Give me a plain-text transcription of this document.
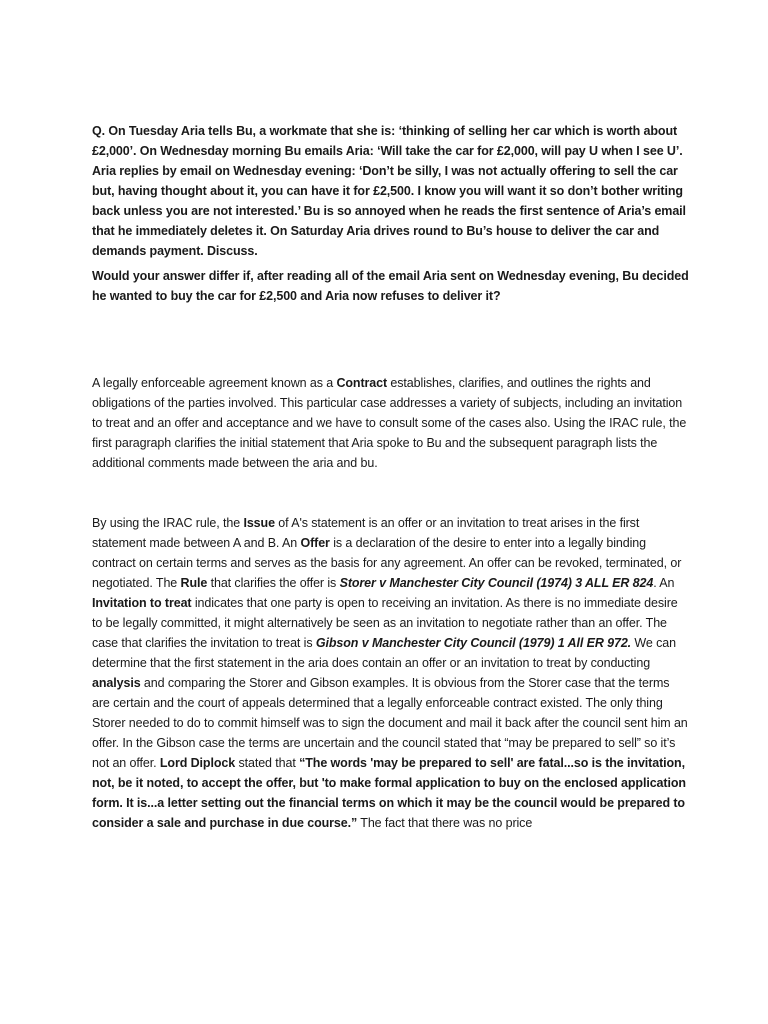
Q. On Tuesday Aria tells Bu, a workmate that she is: ‘thinking of selling her car which is worth about £2,000’. On Wednesday morning Bu emails Aria: ‘Will take the car for £2,000, will pay U when I see U’. Aria replies by email on Wednesday evening: ‘Don’t be silly, I was not actually offering to sell the car but, having thought about it, you can have it for £2,500. I know you will want it so don’t bother writing back unless you are not interested.’ Bu is so annoyed when he reads the first sentence of Aria’s email that he immediately deletes it. On Saturday Aria drives round to Bu’s house to deliver the car and demands payment. Discuss.

Would your answer differ if, after reading all of the email Aria sent on Wednesday evening, Bu decided he wanted to buy the car for £2,500 and Aria now refuses to deliver it?

A legally enforceable agreement known as a Contract establishes, clarifies, and outlines the rights and obligations of the parties involved. This particular case addresses a variety of subjects, including an invitation to treat and an offer and acceptance and we have to consult some of the cases also. Using the IRAC rule, the first paragraph clarifies the initial statement that Aria spoke to Bu and the subsequent paragraph lists the additional comments made between the aria and bu.

By using the IRAC rule, the Issue of A's statement is an offer or an invitation to treat arises in the first statement made between A and B. An Offer is a declaration of the desire to enter into a legally binding contract on certain terms and serves as the basis for any agreement. An offer can be revoked, terminated, or negotiated. The Rule that clarifies the offer is Storer v Manchester City Council (1974) 3 ALL ER 824. An Invitation to treat indicates that one party is open to receiving an invitation. As there is no immediate desire to be legally committed, it might alternatively be seen as an invitation to negotiate rather than an offer. The case that clarifies the invitation to treat is Gibson v Manchester City Council (1979) 1 All ER 972. We can determine that the first statement in the aria does contain an offer or an invitation to treat by conducting analysis and comparing the Storer and Gibson examples. It is obvious from the Storer case that the terms are certain and the court of appeals determined that a legally enforceable contract existed. The only thing Storer needed to do to commit himself was to sign the document and mail it back after the council sent him an offer. In the Gibson case the terms are uncertain and the council stated that “may be prepared to sell” so it’s not an offer. Lord Diplock stated that “The words 'may be prepared to sell' are fatal...so is the invitation, not, be it noted, to accept the offer, but 'to make formal application to buy on the enclosed application form. It is...a letter setting out the financial terms on which it may be the council would be prepared to consider a sale and purchase in due course.” The fact that there was no price
